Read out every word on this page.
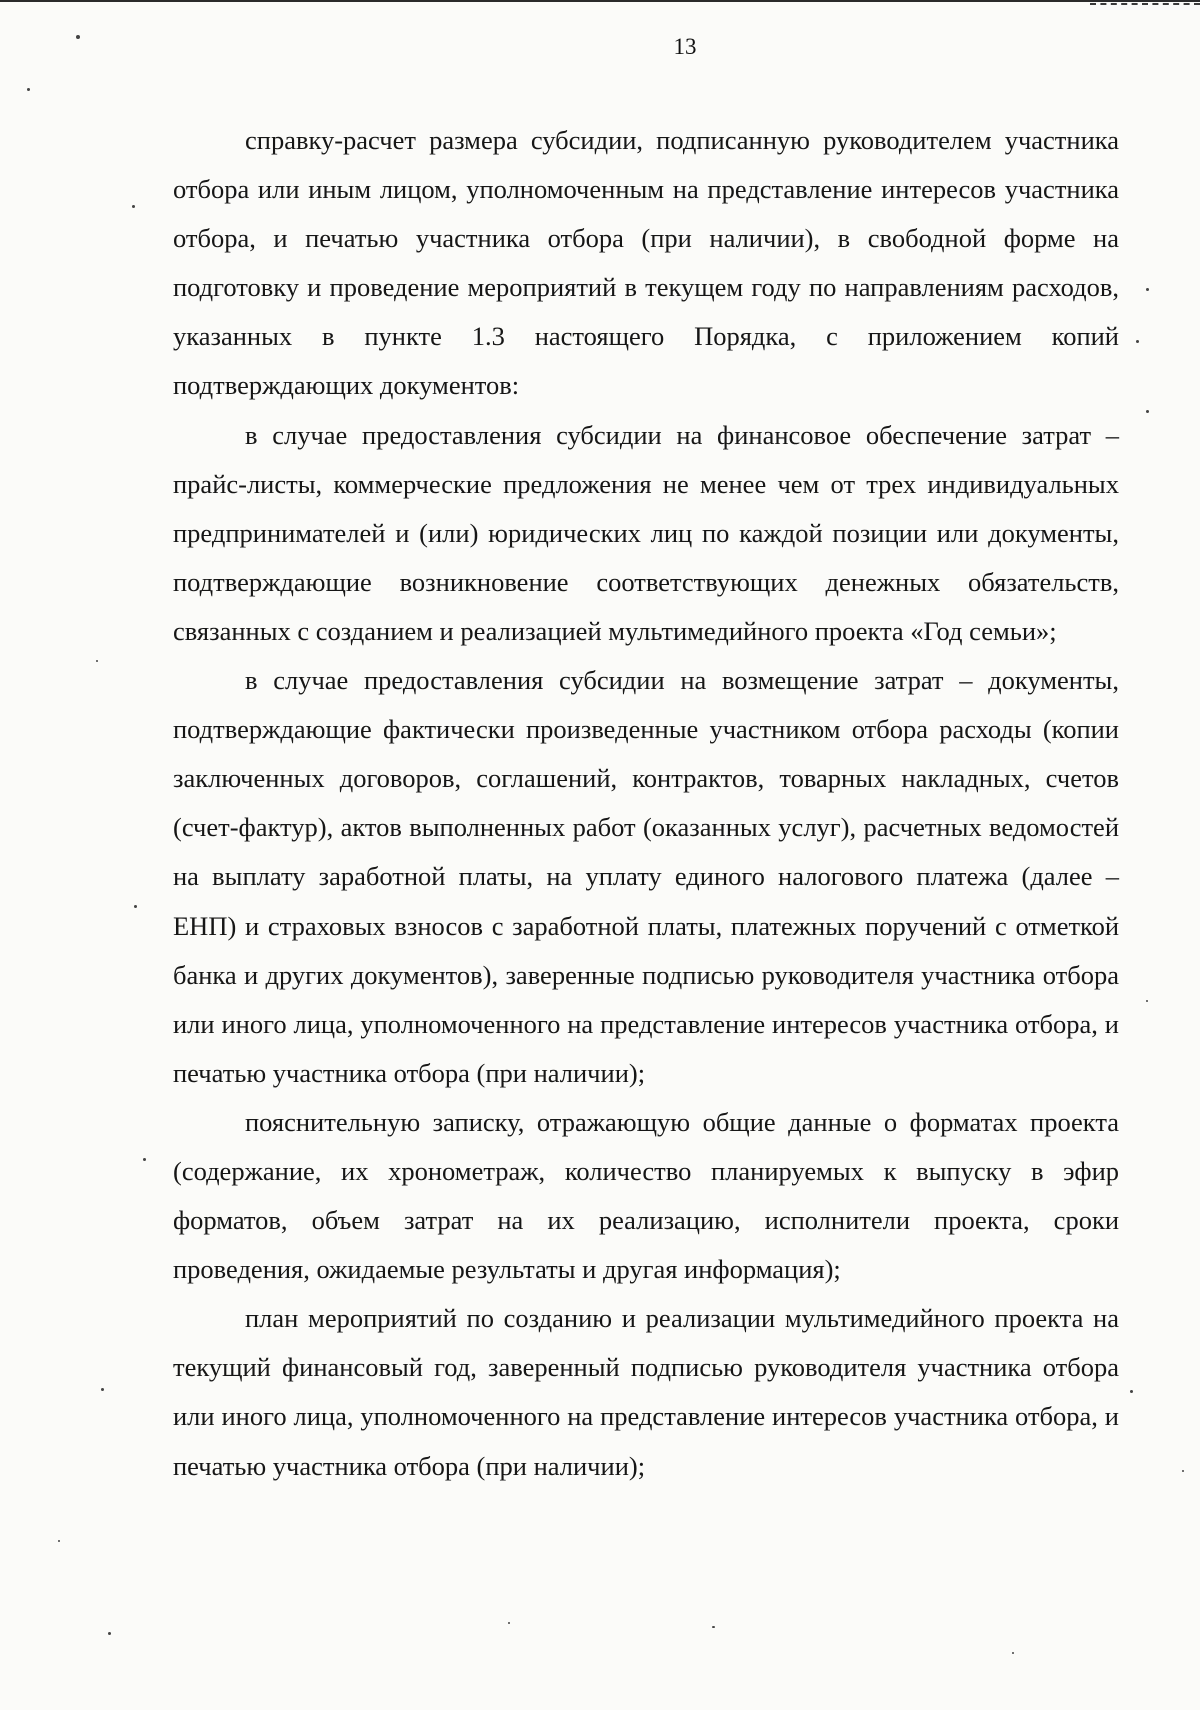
13

справку-расчет размера субсидии, подписанную руководителем участника отбора или иным лицом, уполномоченным на представление интересов участника отбора, и печатью участника отбора (при наличии), в свободной форме на подготовку и проведение мероприятий в текущем году по направлениям расходов, указанных в пункте 1.3 настоящего Порядка, с приложением копий подтверждающих документов:

в случае предоставления субсидии на финансовое обеспечение затрат – прайс-листы, коммерческие предложения не менее чем от трех индивидуальных предпринимателей и (или) юридических лиц по каждой позиции или документы, подтверждающие возникновение соответствующих денежных обязательств, связанных с созданием и реализацией мультимедийного проекта «Год семьи»;

в случае предоставления субсидии на возмещение затрат – документы, подтверждающие фактически произведенные участником отбора расходы (копии заключенных договоров, соглашений, контрактов, товарных накладных, счетов (счет-фактур), актов выполненных работ (оказанных услуг), расчетных ведомостей на выплату заработной платы, на уплату единого налогового платежа (далее – ЕНП) и страховых взносов с заработной платы, платежных поручений с отметкой банка и других документов), заверенные подписью руководителя участника отбора или иного лица, уполномоченного на представление интересов участника отбора, и печатью участника отбора (при наличии);

пояснительную записку, отражающую общие данные о форматах проекта (содержание, их хронометраж, количество планируемых к выпуску в эфир форматов, объем затрат на их реализацию, исполнители проекта, сроки проведения, ожидаемые результаты и другая информация);

план мероприятий по созданию и реализации мультимедийного проекта на текущий финансовый год, заверенный подписью руководителя участника отбора или иного лица, уполномоченного на представление интересов участника отбора, и печатью участника отбора (при наличии);
